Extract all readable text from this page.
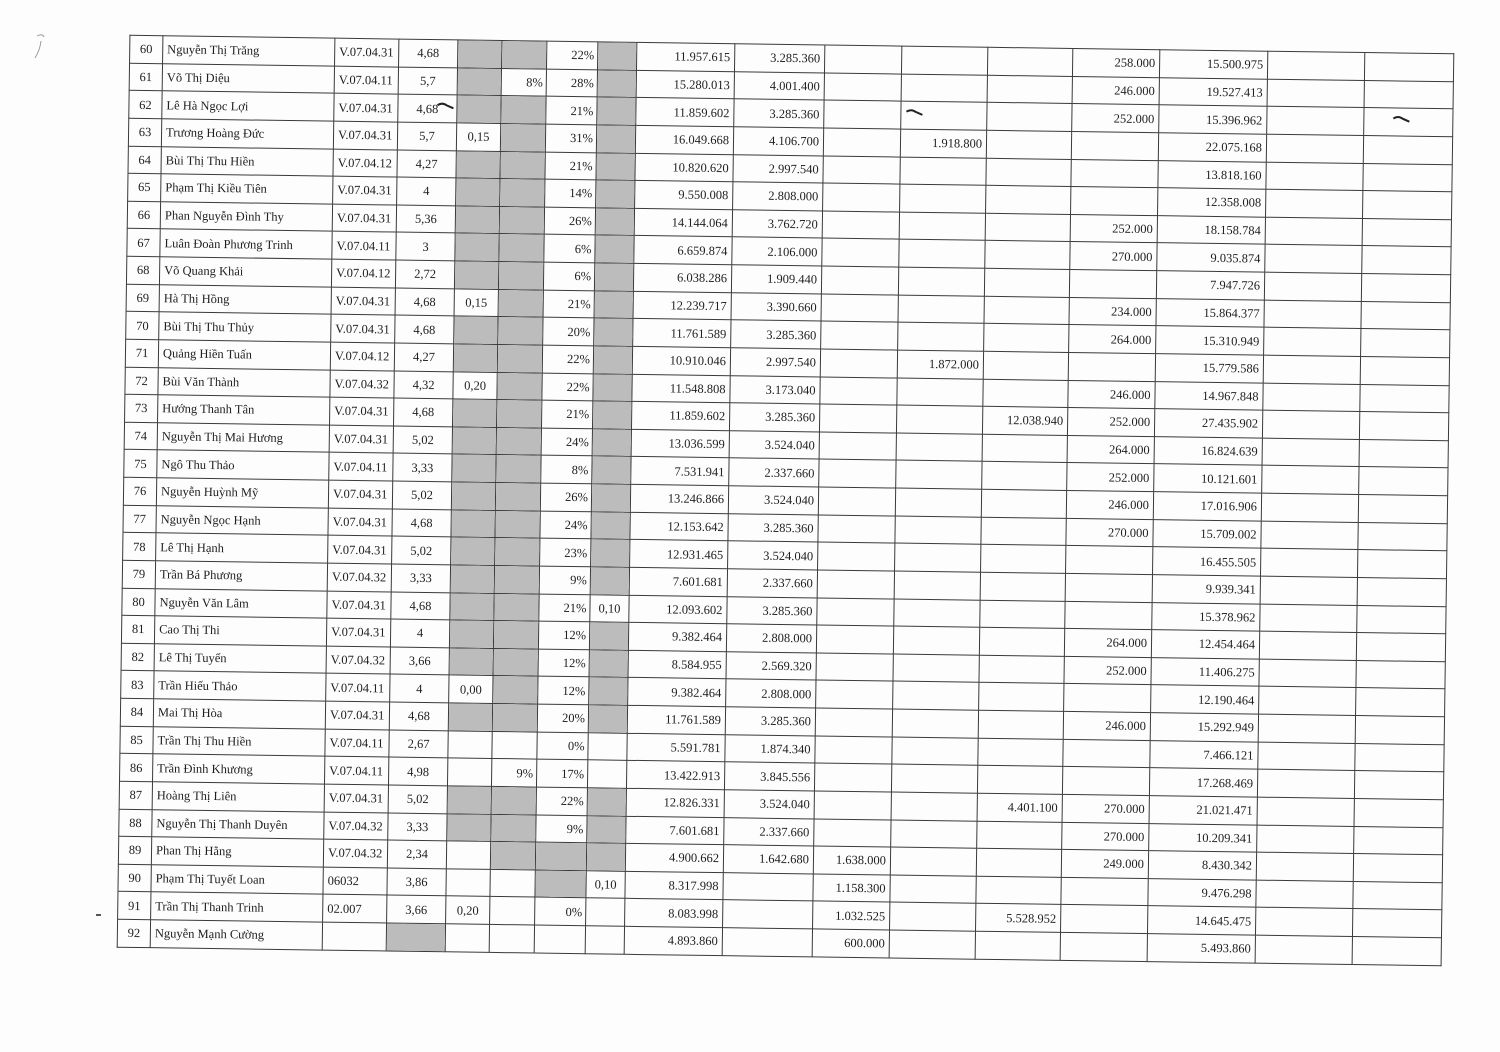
60	Nguyễn Thị Trăng	V.07.04.31	4,68			22%		11.957.615	3.285.360				258.000	15.500.975		
61	Võ Thị Diệu	V.07.04.11	5,7		8%	28%		15.280.013	4.001.400				246.000	19.527.413		
62	Lê Hà Ngọc Lợi	V.07.04.31	4,68			21%		11.859.602	3.285.360				252.000	15.396.962		

63	Trương Hoàng Đức	V.07.04.31	5,7	0,15		31%		16.049.668	4.106.700		1.918.800			22.075.168		
64	Bùi Thị Thu Hiền	V.07.04.12	4,27			21%		10.820.620	2.997.540					13.818.160		
65	Phạm Thị Kiều Tiên	V.07.04.31	4			14%		9.550.008	2.808.000					12.358.008		
66	Phan Nguyễn Đình Thy	V.07.04.31	5,36			26%		14.144.064	3.762.720				252.000	18.158.784		
67	Luân Đoàn Phương Trinh	V.07.04.11	3			6%		6.659.874	2.106.000				270.000	9.035.874		
68	Võ Quang Khải	V.07.04.12	2,72			6%		6.038.286	1.909.440					7.947.726		
69	Hà Thị Hồng	V.07.04.31	4,68	0,15		21%		12.239.717	3.390.660				234.000	15.864.377		
70	Bùi Thị Thu Thủy	V.07.04.31	4,68			20%		11.761.589	3.285.360				264.000	15.310.949		
71	Quảng Hiền Tuấn	V.07.04.12	4,27			22%		10.910.046	2.997.540		1.872.000			15.779.586		
72	Bùi Văn Thành	V.07.04.32	4,32	0,20		22%		11.548.808	3.173.040				246.000	14.967.848		
73	Hướng Thanh Tân	V.07.04.31	4,68			21%		11.859.602	3.285.360			12.038.940	252.000	27.435.902		
74	Nguyễn Thị Mai Hương	V.07.04.31	5,02			24%		13.036.599	3.524.040				264.000	16.824.639		
75	Ngô Thu Thảo	V.07.04.11	3,33			8%		7.531.941	2.337.660				252.000	10.121.601		
76	Nguyễn Huỳnh Mỹ	V.07.04.31	5,02			26%		13.246.866	3.524.040				246.000	17.016.906		
77	Nguyễn Ngọc Hạnh	V.07.04.31	4,68			24%		12.153.642	3.285.360				270.000	15.709.002		
78	Lê Thị Hạnh	V.07.04.31	5,02			23%		12.931.465	3.524.040					16.455.505		
79	Trần Bá Phương	V.07.04.32	3,33			9%		7.601.681	2.337.660					9.939.341		
80	Nguyễn Văn Lâm	V.07.04.31	4,68			21%	0,10	12.093.602	3.285.360					15.378.962		
81	Cao Thị Thi	V.07.04.31	4			12%		9.382.464	2.808.000				264.000	12.454.464		
82	Lê Thị Tuyến	V.07.04.32	3,66			12%		8.584.955	2.569.320				252.000	11.406.275		
83	Trần Hiếu Thảo	V.07.04.11	4	0,00		12%		9.382.464	2.808.000					12.190.464		
84	Mai Thị Hòa	V.07.04.31	4,68			20%		11.761.589	3.285.360				246.000	15.292.949		
85	Trần Thị Thu Hiền	V.07.04.11	2,67			0%		5.591.781	1.874.340					7.466.121		
86	Trần Đình Khương	V.07.04.11	4,98		9%	17%		13.422.913	3.845.556					17.268.469		
87	Hoàng Thị Liên	V.07.04.31	5,02			22%		12.826.331	3.524.040			4.401.100	270.000	21.021.471		
88	Nguyễn Thị Thanh Duyên	V.07.04.32	3,33			9%		7.601.681	2.337.660				270.000	10.209.341		
89	Phan Thị Hằng	V.07.04.32	2,34					4.900.662	1.642.680	1.638.000			249.000	8.430.342		
90	Phạm Thị Tuyết Loan	06032	3,86				0,10	8.317.998		1.158.300				9.476.298		
91	Trần Thị Thanh Trinh	02.007	3,66	0,20		0%		8.083.998		1.032.525		5.528.952		14.645.475		
92	Nguyễn Mạnh Cường							4.893.860		600.000				5.493.860		
